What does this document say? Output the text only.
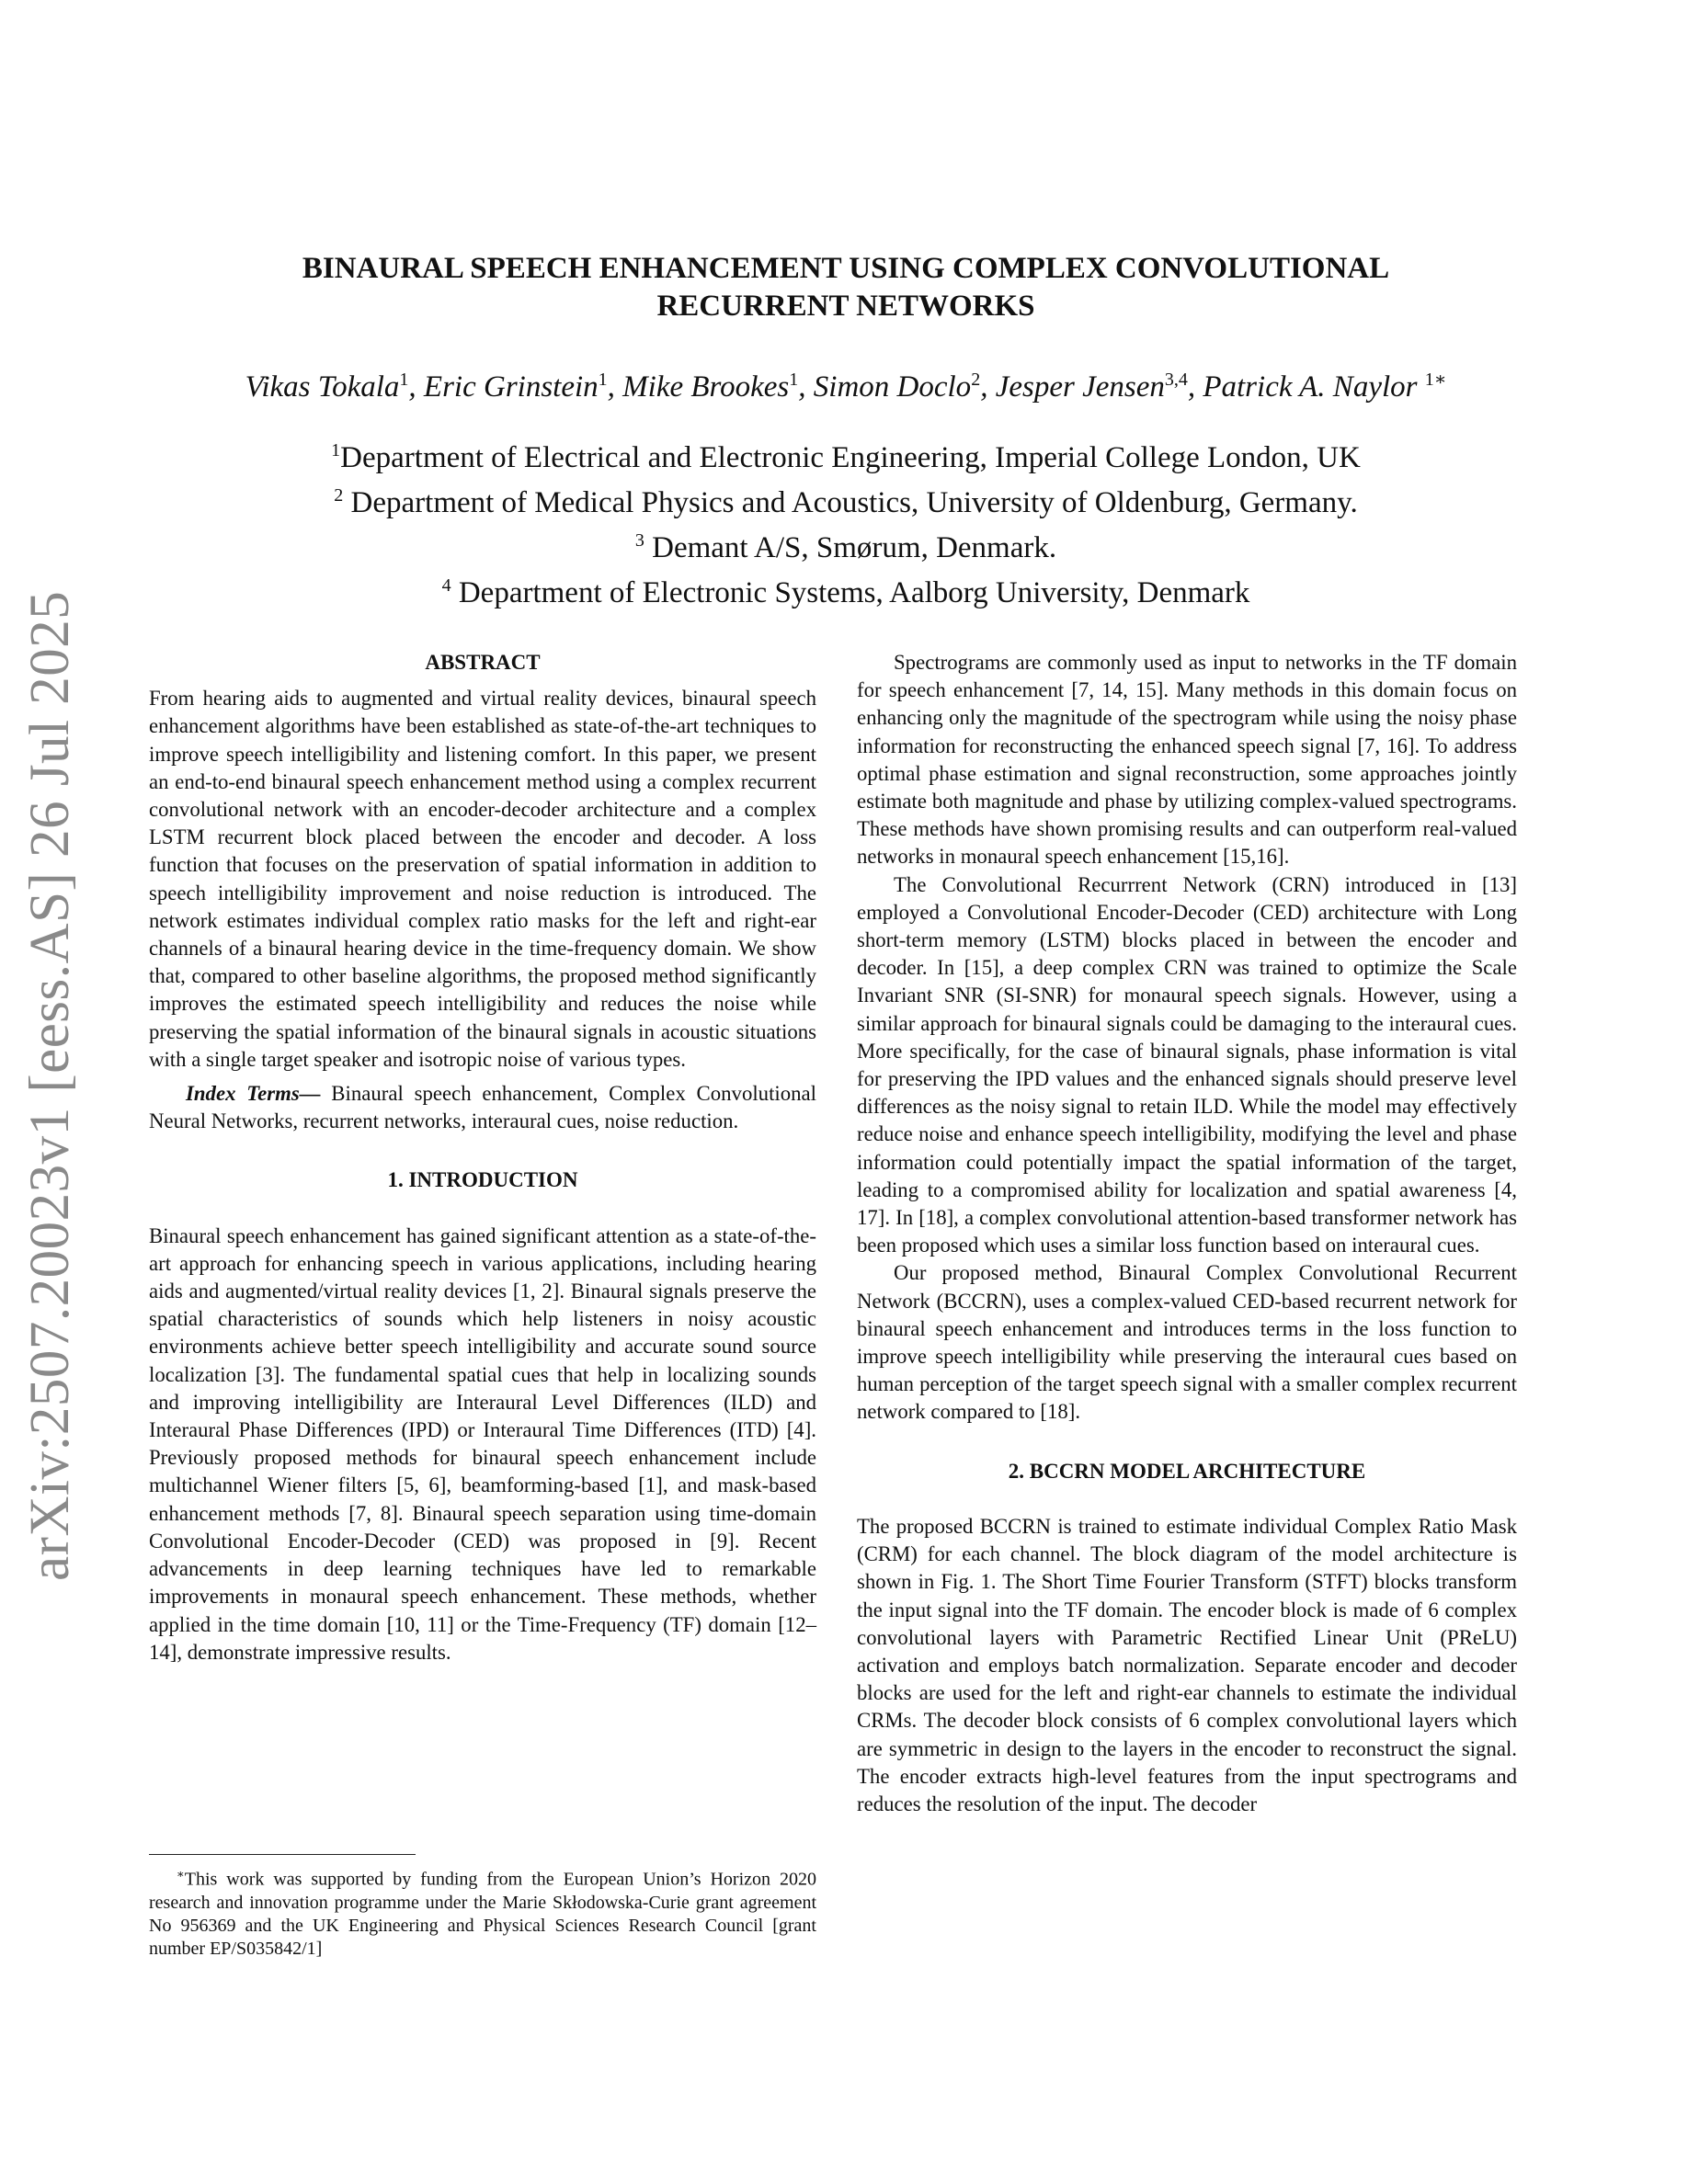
arXiv:2507.20023v1 [eess.AS] 26 Jul 2025
BINAURAL SPEECH ENHANCEMENT USING COMPLEX CONVOLUTIONAL
RECURRENT NETWORKS
Vikas Tokala$^1$, Eric Grinstein$^1$, Mike Brookes$^1$, Simon Doclo$^2$, Jesper Jensen$^{3,4}$, Patrick A. Naylor $^{1∗}$
$^1$Department of Electrical and Electronic Engineering, Imperial College London, UK
$^2$ Department of Medical Physics and Acoustics, University of Oldenburg, Germany.
$^3$ Demant A/S, Smørum, Denmark.
$^4$ Department of Electronic Systems, Aalborg University, Denmark

ABSTRACT

From hearing aids to augmented and virtual reality devices, binaural speech enhancement algorithms have been established as state-of-the-art techniques to improve speech intelligibility and listening comfort. In this paper, we present an end-to-end binaural speech enhancement method using a complex recurrent convolutional network with an encoder-decoder architecture and a complex LSTM recurrent block placed between the encoder and decoder. A loss function that focuses on the preservation of spatial information in addition to speech intelligibility improvement and noise reduction is introduced. The network estimates individual complex ratio masks for the left and right-ear channels of a binaural hearing device in the time-frequency domain. We show that, compared to other baseline algorithms, the proposed method significantly improves the estimated speech intelligibility and reduces the noise while preserving the spatial information of the binaural signals in acoustic situations with a single target speaker and isotropic noise of various types.

Index Terms— Binaural speech enhancement, Complex Convolutional Neural Networks, recurrent networks, interaural cues, noise reduction.

1. INTRODUCTION

Binaural speech enhancement has gained significant attention as a state-of-the-art approach for enhancing speech in various applications, including hearing aids and augmented/virtual reality devices [1, 2]. Binaural signals preserve the spatial characteristics of sounds which help listeners in noisy acoustic environments achieve better speech intelligibility and accurate sound source localization [3]. The fundamental spatial cues that help in localizing sounds and improving intelligibility are Interaural Level Differences (ILD) and Interaural Phase Differences (IPD) or Interaural Time Differences (ITD) [4]. Previously proposed methods for binaural speech enhancement include multichannel Wiener filters [5, 6], beamforming-based [1], and mask-based enhancement methods [7, 8]. Binaural speech separation using time-domain Convolutional Encoder-Decoder (CED) was proposed in [9]. Recent advancements in deep learning techniques have led to remarkable improvements in monaural speech enhancement. These methods, whether applied in the time domain [10, 11] or the Time-Frequency (TF) domain [12–14], demonstrate impressive results.

∗This work was supported by funding from the European Union’s Horizon 2020 research and innovation programme under the Marie Skłodowska-Curie grant agreement No 956369 and the UK Engineering and Physical Sciences Research Council [grant number EP/S035842/1]

Spectrograms are commonly used as input to networks in the TF domain for speech enhancement [7, 14, 15]. Many methods in this domain focus on enhancing only the magnitude of the spectrogram while using the noisy phase information for reconstructing the enhanced speech signal [7, 16]. To address optimal phase estimation and signal reconstruction, some approaches jointly estimate both magnitude and phase by utilizing complex-valued spectrograms. These methods have shown promising results and can outperform real-valued networks in monaural speech enhancement [15,16].

The Convolutional Recurrrent Network (CRN) introduced in [13] employed a Convolutional Encoder-Decoder (CED) architecture with Long short-term memory (LSTM) blocks placed in between the encoder and decoder. In [15], a deep complex CRN was trained to optimize the Scale Invariant SNR (SI-SNR) for monaural speech signals. However, using a similar approach for binaural signals could be damaging to the interaural cues. More specifically, for the case of binaural signals, phase information is vital for preserving the IPD values and the enhanced signals should preserve level differences as the noisy signal to retain ILD. While the model may effectively reduce noise and enhance speech intelligibility, modifying the level and phase information could potentially impact the spatial information of the target, leading to a compromised ability for localization and spatial awareness [4, 17]. In [18], a complex convolutional attention-based transformer network has been proposed which uses a similar loss function based on interaural cues.

Our proposed method, Binaural Complex Convolutional Recurrent Network (BCCRN), uses a complex-valued CED-based recurrent network for binaural speech enhancement and introduces terms in the loss function to improve speech intelligibility while preserving the interaural cues based on human perception of the target speech signal with a smaller complex recurrent network compared to [18].

2. BCCRN MODEL ARCHITECTURE

The proposed BCCRN is trained to estimate individual Complex Ratio Mask (CRM) for each channel. The block diagram of the model architecture is shown in Fig. 1. The Short Time Fourier Transform (STFT) blocks transform the input signal into the TF domain. The encoder block is made of 6 complex convolutional layers with Parametric Rectified Linear Unit (PReLU) activation and employs batch normalization. Separate encoder and decoder blocks are used for the left and right-ear channels to estimate the individual CRMs. The decoder block consists of 6 complex convolutional layers which are symmetric in design to the layers in the encoder to reconstruct the signal. The encoder extracts high-level features from the input spectrograms and reduces the resolution of the input. The decoder
